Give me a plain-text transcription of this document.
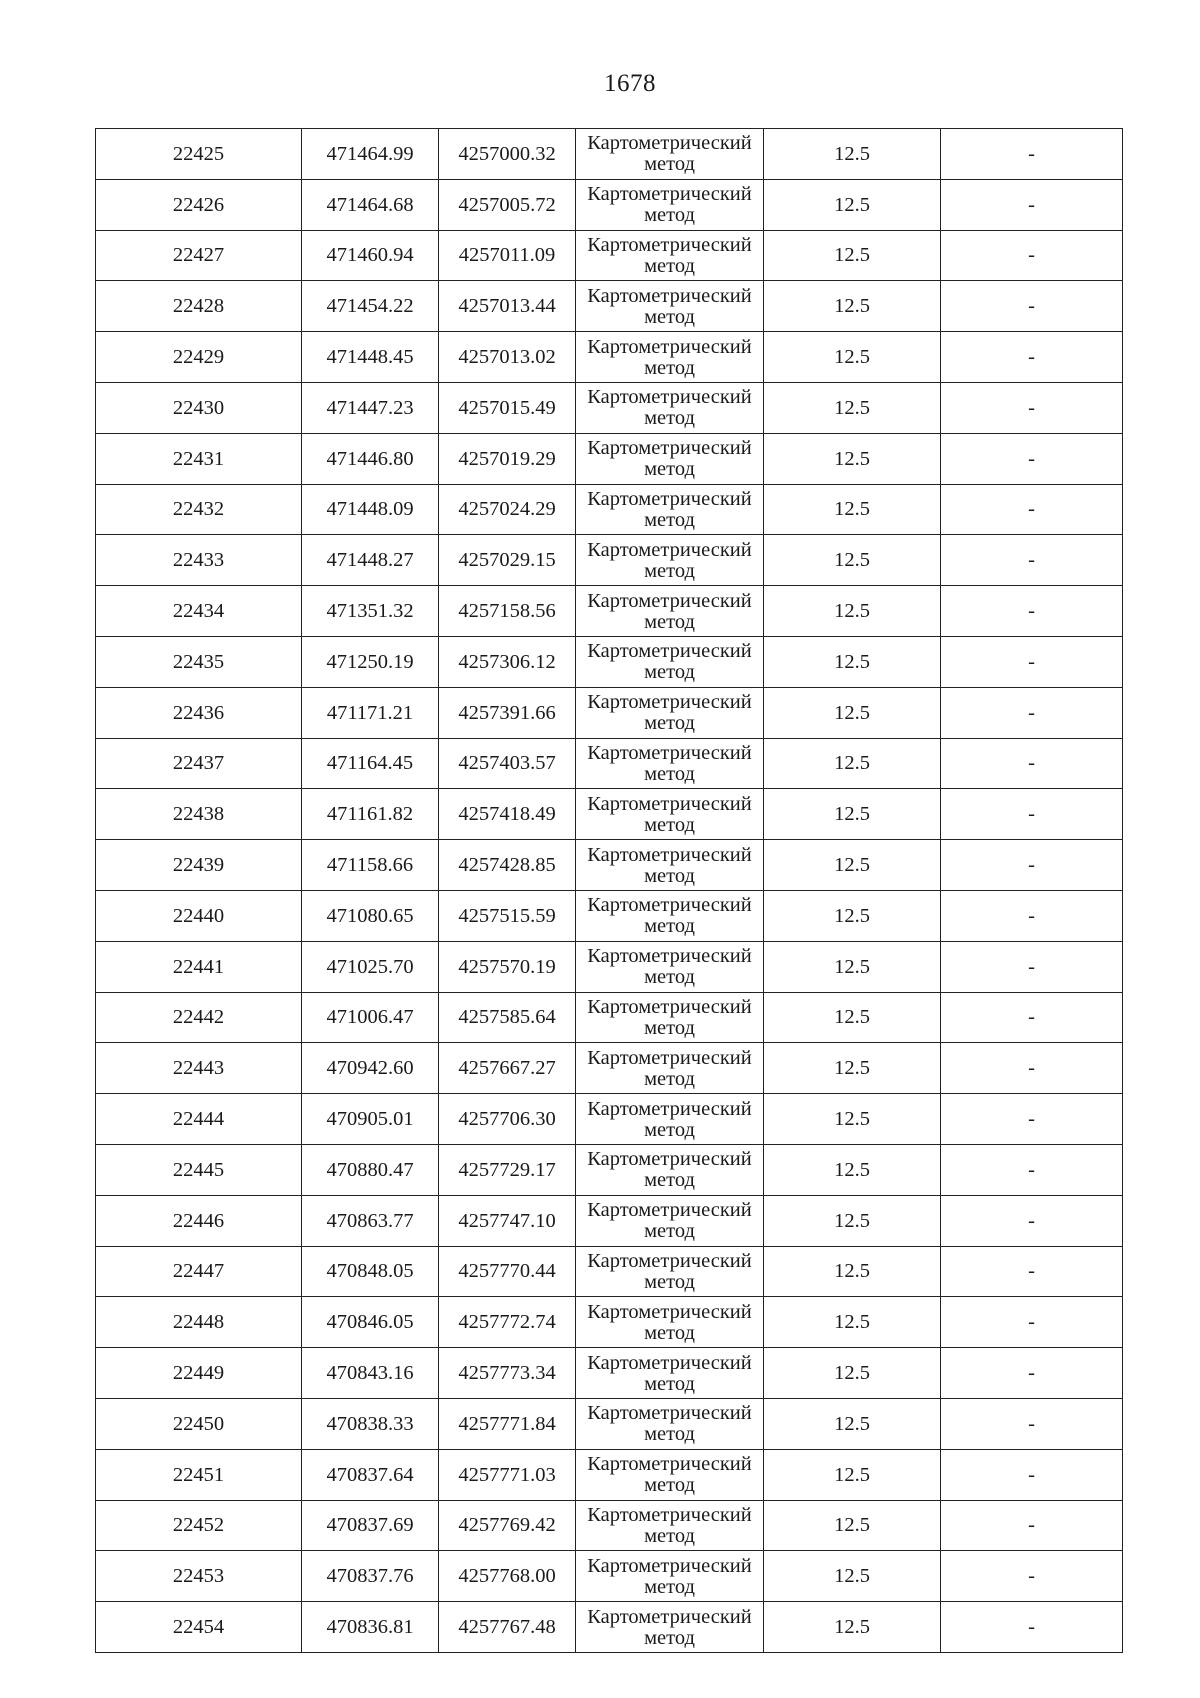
1678
22425	471464.99	4257000.32	Картометрический
метод	12.5	-
22426	471464.68	4257005.72	Картометрический
метод	12.5	-
22427	471460.94	4257011.09	Картометрический
метод	12.5	-
22428	471454.22	4257013.44	Картометрический
метод	12.5	-
22429	471448.45	4257013.02	Картометрический
метод	12.5	-
22430	471447.23	4257015.49	Картометрический
метод	12.5	-
22431	471446.80	4257019.29	Картометрический
метод	12.5	-
22432	471448.09	4257024.29	Картометрический
метод	12.5	-
22433	471448.27	4257029.15	Картометрический
метод	12.5	-
22434	471351.32	4257158.56	Картометрический
метод	12.5	-
22435	471250.19	4257306.12	Картометрический
метод	12.5	-
22436	471171.21	4257391.66	Картометрический
метод	12.5	-
22437	471164.45	4257403.57	Картометрический
метод	12.5	-
22438	471161.82	4257418.49	Картометрический
метод	12.5	-
22439	471158.66	4257428.85	Картометрический
метод	12.5	-
22440	471080.65	4257515.59	Картометрический
метод	12.5	-
22441	471025.70	4257570.19	Картометрический
метод	12.5	-
22442	471006.47	4257585.64	Картометрический
метод	12.5	-
22443	470942.60	4257667.27	Картометрический
метод	12.5	-
22444	470905.01	4257706.30	Картометрический
метод	12.5	-
22445	470880.47	4257729.17	Картометрический
метод	12.5	-
22446	470863.77	4257747.10	Картометрический
метод	12.5	-
22447	470848.05	4257770.44	Картометрический
метод	12.5	-
22448	470846.05	4257772.74	Картометрический
метод	12.5	-
22449	470843.16	4257773.34	Картометрический
метод	12.5	-
22450	470838.33	4257771.84	Картометрический
метод	12.5	-
22451	470837.64	4257771.03	Картометрический
метод	12.5	-
22452	470837.69	4257769.42	Картометрический
метод	12.5	-
22453	470837.76	4257768.00	Картометрический
метод	12.5	-
22454	470836.81	4257767.48	Картометрический
метод	12.5	-
